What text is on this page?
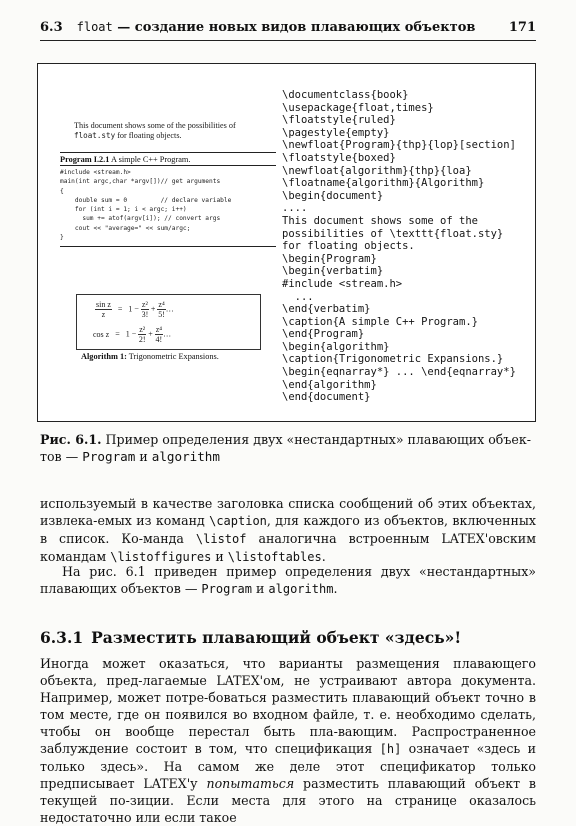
6.3 float — создание новых видов плавающих объектов	171
This document shows some of the possibilities of float.sty for floating objects.
Program I.2.1 A simple C++ Program.
#include <stream.h>
main(int argc,char *argv[])// get arguments
{
double sum = 0         // declare variable
for (int i = 1; i < argc; i++)
sum += atof(argv[i]); // convert args
cout << "average=" << sum/argc;
}
$\frac{\text{sin z}}{z} = 1 - \frac{\text{z²}}{3!} + \frac{\text{z⁴}}{5!}$ …
$\cos z = 1 - \frac{\text{z²}}{2!} + \frac{\text{z⁴}}{4!}$ …
Algorithm 1: Trigonometric Expansions.
\documentclass{book}
\usepackage{float,times}
\floatstyle{ruled}
\pagestyle{empty}
\newfloat{Program}{thp}{lop}[section]
\floatstyle{boxed}
\newfloat{algorithm}{thp}{loa}
\floatname{algorithm}{Algorithm}
\begin{document}
....
This document shows some of the
possibilities of \texttt{float.sty}
for floating objects.
\begin{Program}
\begin{verbatim}
#include <stream.h>
...
\end{verbatim}
\caption{A simple C++ Program.}
\end{Program}
\begin{algorithm}
\caption{Trigonometric Expansions.}
\begin{eqnarray*} ... \end{eqnarray*}
\end{algorithm}
\end{document}
Рис. 6.1. Пример определения двух «нестандартных» плавающих объек-тов — Program и algorithm
используемый в качестве заголовка списка сообщений об этих объектах, извлека-емых из команд \caption, для каждого из объектов, включенных в список. Ко-манда \listof аналогична встроенным LATEX'овским командам \listoffigures и \listoftables.
На рис. 6.1 приведен пример определения двух «нестандартных» плавающих объектов — Program и algorithm.
6.3.1 Разместить плавающий объект «здесь»!
Иногда может оказаться, что варианты размещения плавающего объекта, пред-лагаемые LATEX'ом, не устраивают автора документа. Например, может потре-боваться разместить плавающий объект точно в том месте, где он появился во входном файле, т. е. необходимо сделать, чтобы он вообще перестал быть пла-вающим. Распространенное заблуждение состоит в том, что спецификация [h] означает «здесь и только здесь». На самом же деле этот спецификатор только предписывает LATEX'у попытаться разместить плавающий объект в текущей по-зиции. Если места для этого на странице оказалось недостаточно или если такое
